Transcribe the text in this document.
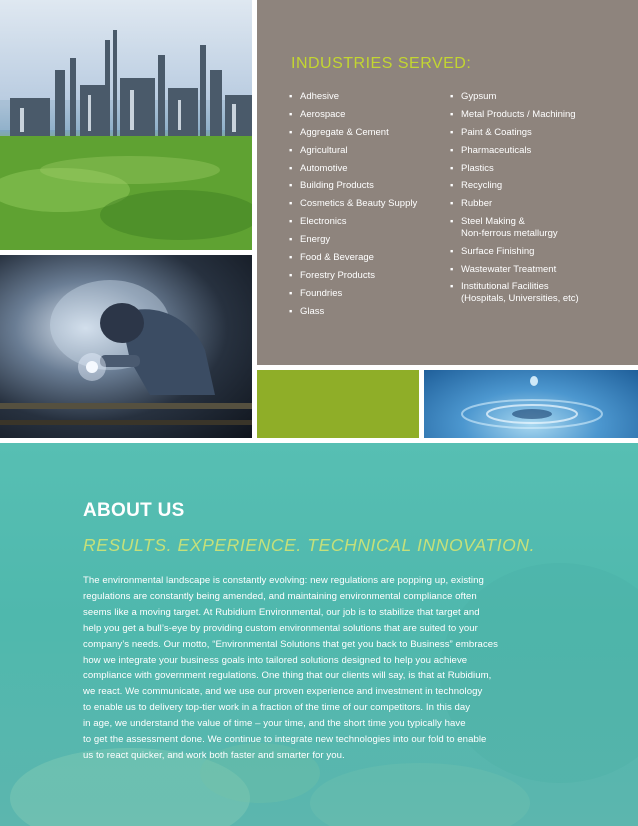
INDUSTRIES SERVED:
▪ Adhesive
▪ Aerospace
▪ Aggregate & Cement
▪ Agricultural
▪ Automotive
▪ Building Products
▪ Cosmetics & Beauty Supply
▪ Electronics
▪ Energy
▪ Food & Beverage
▪ Forestry Products
▪ Foundries
▪ Glass
▪ Gypsum
▪ Metal Products / Machining
▪ Paint & Coatings
▪ Pharmaceuticals
▪ Plastics
▪ Recycling
▪ Rubber
▪ Steel Making &
Non-ferrous metallurgy
▪ Surface Finishing
▪ Wastewater Treatment
▪ Institutional Facilities
(Hospitals, Universities, etc)
ABOUT US
RESULTS. EXPERIENCE. TECHNICAL INNOVATION.
The environmental landscape is constantly evolving: new regulations are popping up, existing
regulations are constantly being amended, and maintaining environmental compliance often
seems like a moving target. At Rubidium Environmental, our job is to stabilize that target and
help you get a bull’s-eye by providing custom environmental solutions that are suited to your
company’s needs. Our motto, “Environmental Solutions that get you back to Business” embraces
how we integrate your business goals into tailored solutions designed to help you achieve
compliance with government regulations. One thing that our clients will say, is that at Rubidium,
we react. We communicate, and we use our proven experience and investment in technology
to enable us to delivery top-tier work in a fraction of the time of our competitors. In this day
in age, we understand the value of time – your time, and the short time you typically have
to get the assessment done. We continue to integrate new technologies into our fold to enable
us to react quicker, and work both faster and smarter for you.
